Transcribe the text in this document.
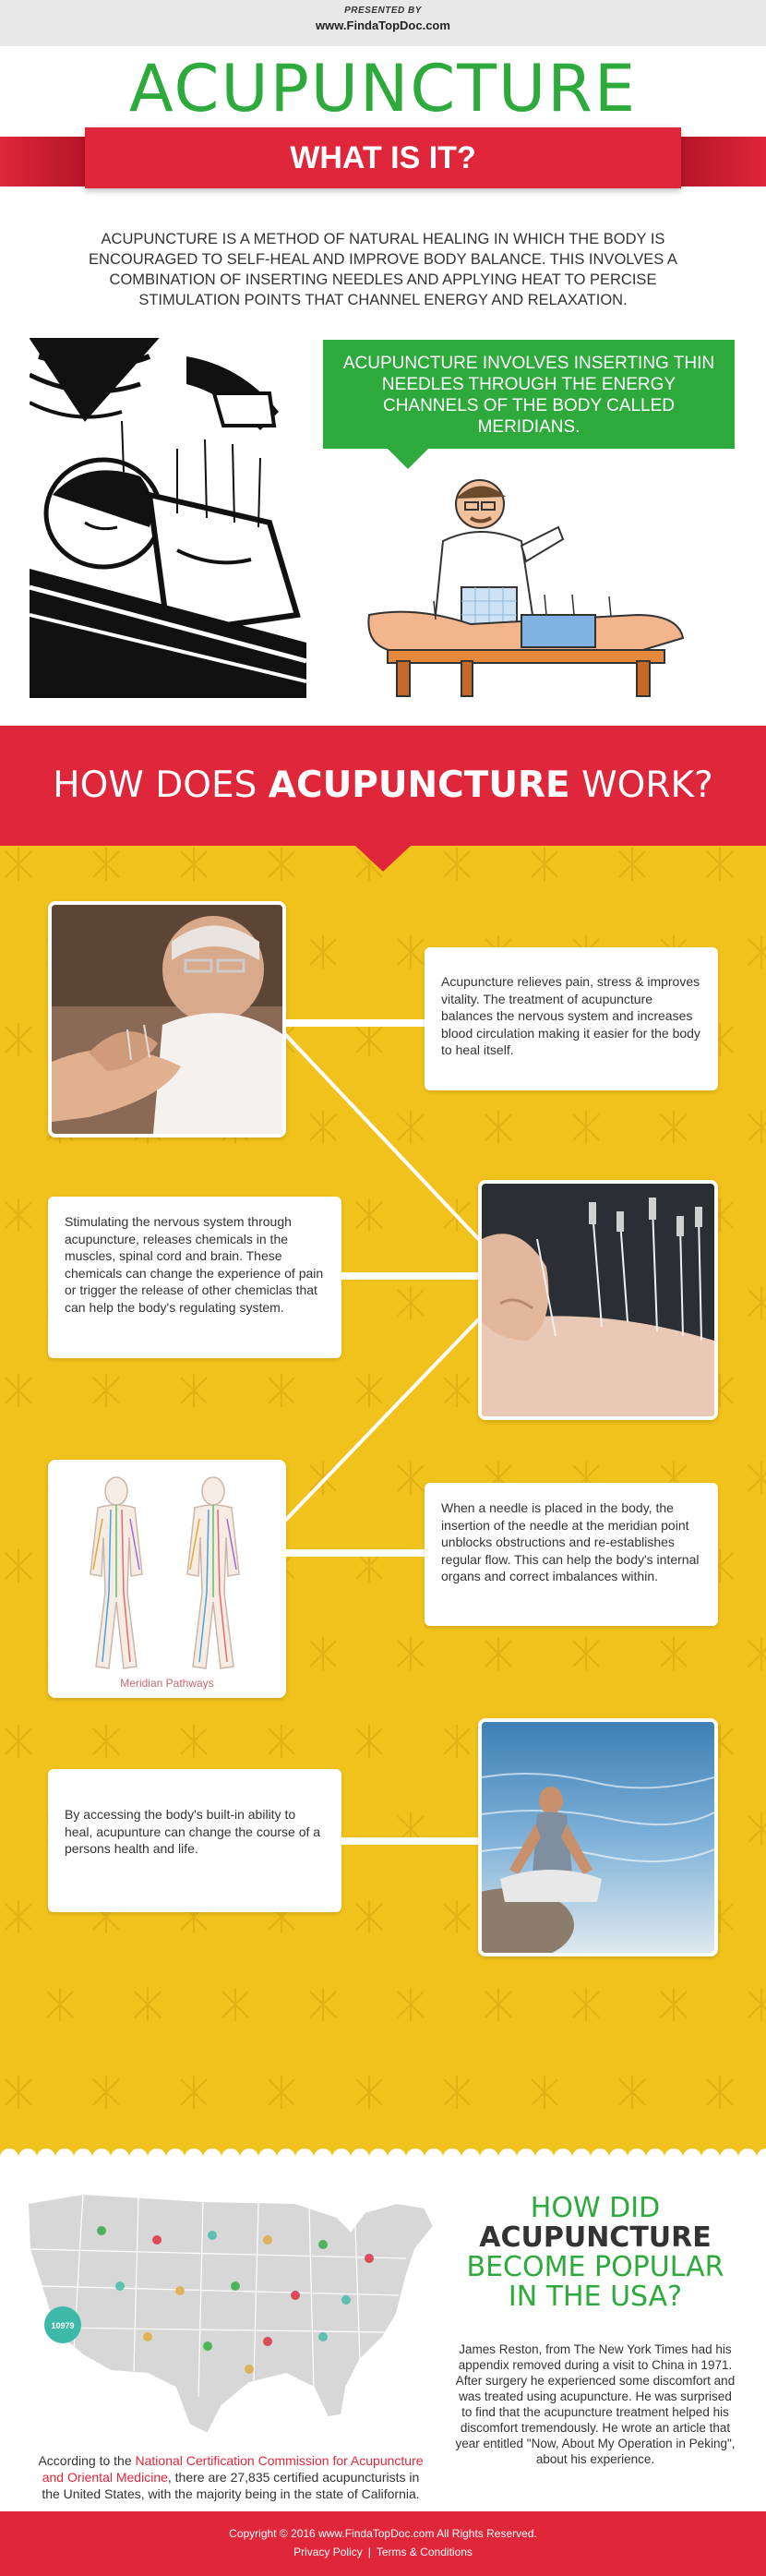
PRESENTED BY
www.FindaTopDoc.com
ACUPUNCTURE
WHAT IS IT?
ACUPUNCTURE IS A METHOD OF NATURAL HEALING IN WHICH THE BODY IS ENCOURAGED TO SELF-HEAL AND IMPROVE BODY BALANCE. THIS INVOLVES A COMBINATION OF INSERTING NEEDLES AND APPLYING HEAT TO PERCISE STIMULATION POINTS THAT CHANNEL ENERGY AND RELAXATION.
ACUPUNCTURE INVOLVES INSERTING THIN NEEDLES THROUGH THE ENERGY CHANNELS OF THE BODY CALLED MERIDIANS.
HOW DOES ACUPUNCTURE WORK?
Acupuncture relieves pain, stress & improves vitality. The treatment of acupuncture balances the nervous system and increases blood circulation making it easier for the body to heal itself.
Stimulating the nervous system through acupuncture, releases chemicals in the muscles, spinal cord and brain. These chemicals can change the experience of pain or trigger the release of other chemiclas that can help the body's regulating system.
Meridian Pathways
When a needle is placed in the body, the insertion of the needle at the meridian point unblocks obstructions and re-establishes regular flow. This can help the body's internal organs and correct imbalances within.
By accessing the body's built-in ability to heal, acupunture can change the course of a persons health and life.
10979
HOW DID
ACUPUNCTURE
BECOME POPULAR
IN THE USA?
James Reston, from The New York Times had his appendix removed during a visit to China in 1971. After surgery he experienced some discomfort and was treated using acupuncture. He was surprised to find that the acupuncture treatment helped his discomfort tremendously. He wrote an article that year entitled "Now, About My Operation in Peking", about his experience.
According to the National Certification Commission for Acupuncture and Oriental Medicine, there are 27,835 certified acupuncturists in the United States, with the majority being in the state of California.
Copyright © 2016 www.FindaTopDoc.com All Rights Reserved.
Privacy Policy | Terms & Conditions
